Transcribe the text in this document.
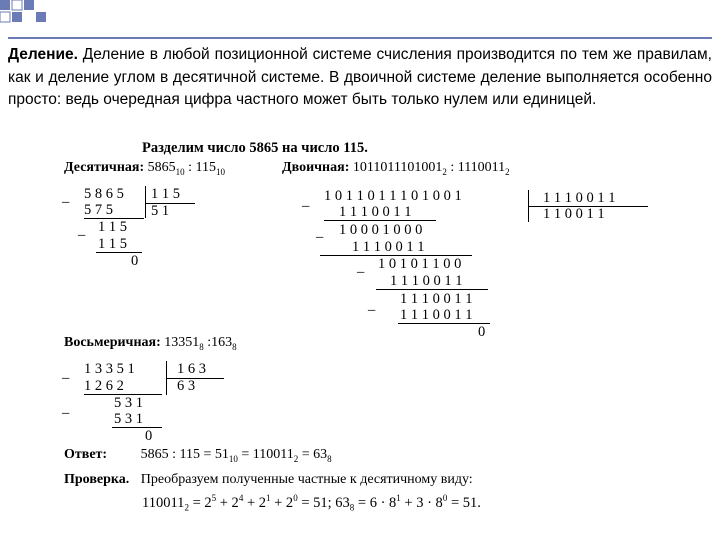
Деление. Деление в любой позиционной системе счисления производится по тем же правилам, как и деление углом в десятичной системе. В двоичной системе деление выполняется особенно просто: ведь очередная цифра частного может быть только нулем или единицей.
Разделим число 5865 на число 115.
Десятичная: $5865_{10}$ : $115_{10}$
_ 5 8 6 5
5 7 5
_ 1 1 5
1 1 5
0
1 1 5
5 1
Двоичная: $1011011101001_2$ : $1110011_2$
_ 1 0 1 1 0 1 1 1 0 1 0 0 1
1 1 1 0 0 1 1
_ 1 0 0 0 1 0 0 0
1 1 1 0 0 1 1
_ 1 0 1 0 1 1 0 0
1 1 1 0 0 1 1
_ 1 1 1 0 0 1 1
1 1 1 0 0 1 1
0
1 1 1 0 0 1 1
1 1 0 0 1 1
Восьмеричная: $13351_8$ $:163_8$
_ 1 3 3 5 1
1 2 6 2
_	5 3 1
5 3 1
0
1 6 3
6 3
Ответ: 5865 : $115 = 51_{10} = 110011_2 = 63_8$
Проверка. Преобразуем полученные частные к десятичному виду:
$110011_2 = 2^5 + 2^4 + 2^1 + 2^0 = 51$; $63_8 = 6 \cdot 8^1 + 3 \cdot 8^0 = 51$.
